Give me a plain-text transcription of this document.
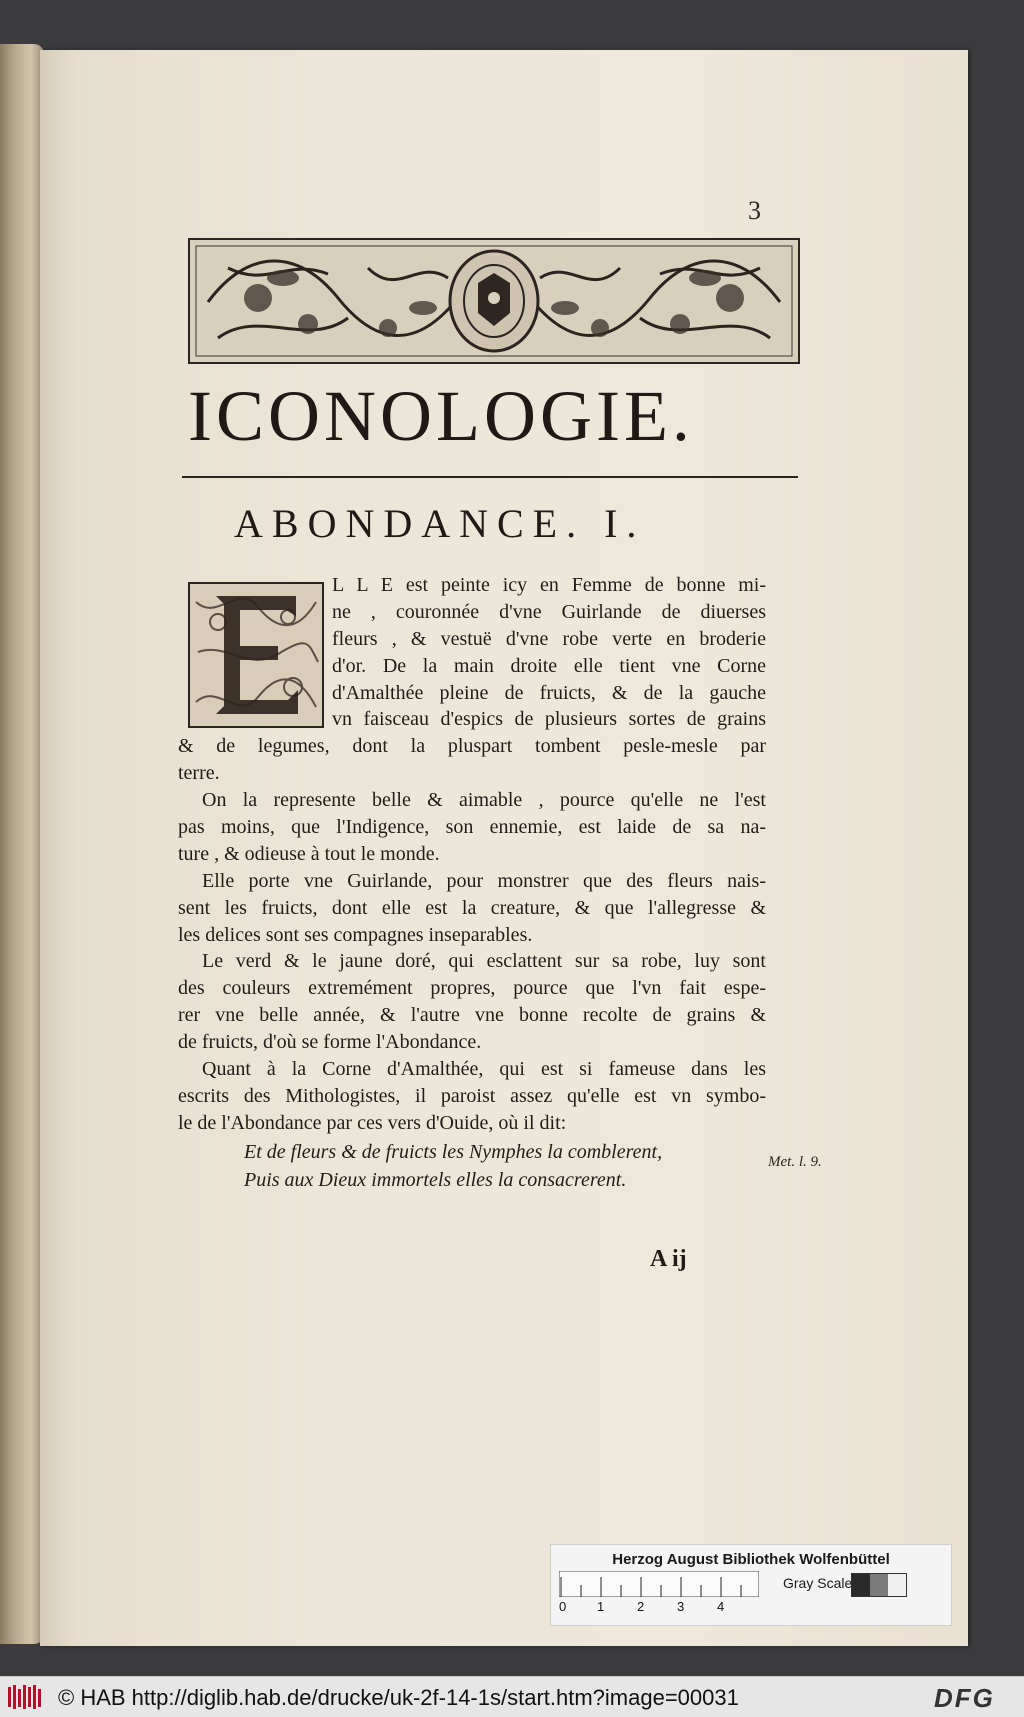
3
ICONOLOGIE.
ABONDANCE. I.
L L E est peinte icy en Femme de bonne mi-
ne , couronnée d'vne Guirlande de diuerses
fleurs , & vestuë d'vne robe verte en broderie
d'or. De la main droite elle tient vne Corne
d'Amalthée pleine de fruicts, & de la gauche
vn faisceau d'espics de plusieurs sortes de grains
& de legumes, dont la pluspart tombent pesle-mesle par
terre.
On la represente belle & aimable , pource qu'elle ne l'est
pas moins, que l'Indigence, son ennemie, est laide de sa na-
ture , & odieuse à tout le monde.
Elle porte vne Guirlande, pour monstrer que des fleurs nais-
sent les fruicts, dont elle est la creature, & que l'allegresse &
les delices sont ses compagnes inseparables.
Le verd & le jaune doré, qui esclattent sur sa robe, luy sont
des couleurs extremément propres, pource que l'vn fait espe-
rer vne belle année, & l'autre vne bonne recolte de grains &
de fruicts, d'où se forme l'Abondance.
Quant à la Corne d'Amalthée, qui est si fameuse dans les
escrits des Mithologistes, il paroist assez qu'elle est vn symbo-
le de l'Abondance par ces vers d'Ouide, où il dit:
Et de fleurs & de fruicts les Nymphes la comblerent,
Puis aux Dieux immortels elles la consacrerent.
Met. l. 9.
A ij
Herzog August Bibliothek Wolfenbüttel
0 1	2	3	4
Gray Scale
© HAB http://diglib.hab.de/drucke/uk-2f-14-1s/start.htm?image=00031	DFG
